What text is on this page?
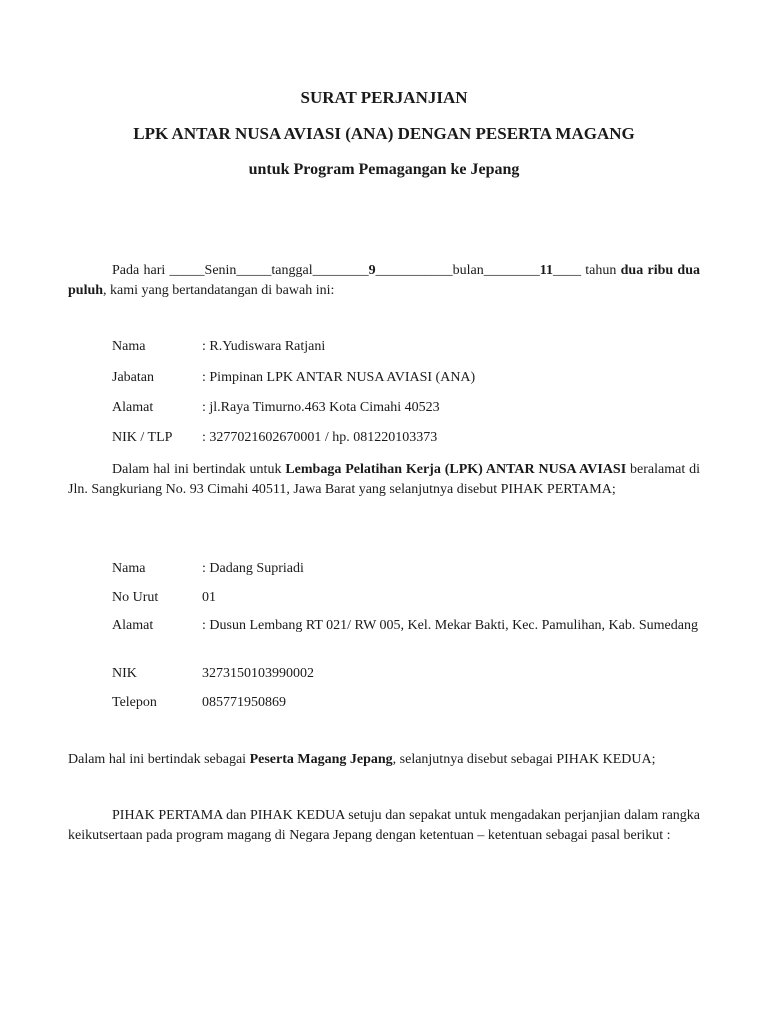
SURAT PERJANJIAN
LPK ANTAR NUSA AVIASI (ANA) DENGAN PESERTA MAGANG
untuk Program Pemagangan ke Jepang
Pada hari _____Senin_____tanggal________9___________bulan________11____ tahun dua ribu dua puluh, kami yang bertandatangan di bawah ini:
Nama	: R.Yudiswara Ratjani
Jabatan	: Pimpinan LPK ANTAR NUSA AVIASI (ANA)
Alamat	: jl.Raya Timurno.463 Kota Cimahi 40523
NIK / TLP : 3277021602670001 / hp. 081220103373
Dalam hal ini bertindak untuk Lembaga Pelatihan Kerja (LPK) ANTAR NUSA AVIASI beralamat di Jln. Sangkuriang No. 93 Cimahi 40511, Jawa Barat yang selanjutnya disebut PIHAK PERTAMA;
Nama	: Dadang Supriadi
No Urut	01
Alamat	: Dusun Lembang RT 021/ RW 005, Kel. Mekar Bakti, Kec. Pamulihan, Kab. Sumedang
NIK	3273150103990002
Telepon	085771950869
Dalam hal ini bertindak sebagai Peserta Magang Jepang, selanjutnya disebut sebagai PIHAK KEDUA;
PIHAK PERTAMA dan PIHAK KEDUA setuju dan sepakat untuk mengadakan perjanjian dalam rangka keikutsertaan pada program magang di Negara Jepang dengan ketentuan – ketentuan sebagai pasal berikut :
